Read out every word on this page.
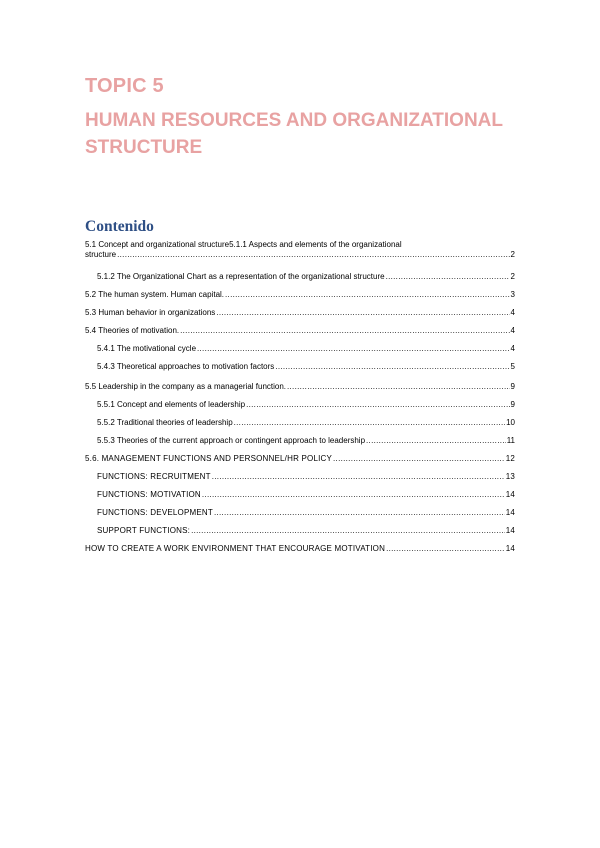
TOPIC 5
HUMAN RESOURCES AND ORGANIZATIONAL STRUCTURE
Contenido
5.1 Concept and organizational structure5.1.1 Aspects and elements of the organizational
structure .....	2
5.1.2 The Organizational Chart as a representation of the organizational structure .....	2
5.2 The human system. Human capital. .....	3
5.3 Human behavior in organizations .....	4
5.4 Theories of motivation. .....	4
5.4.1 The motivational cycle .....	4
5.4.3 Theoretical approaches to motivation factors .....	5
5.5 Leadership in the company as a managerial function. .....	9
5.5.1 Concept and elements of leadership .....	9
5.5.2 Traditional theories of leadership .....	10
5.5.3 Theories of the current approach or contingent approach to leadership .....	11
5.6. MANAGEMENT FUNCTIONS AND PERSONNEL/HR POLICY .....	12
FUNCTIONS: RECRUITMENT .....	13
FUNCTIONS: MOTIVATION .....	14
FUNCTIONS: DEVELOPMENT .....	14
SUPPORT FUNCTIONS: .....	14
HOW TO CREATE A WORK ENVIRONMENT THAT ENCOURAGE MOTIVATION .....	14
